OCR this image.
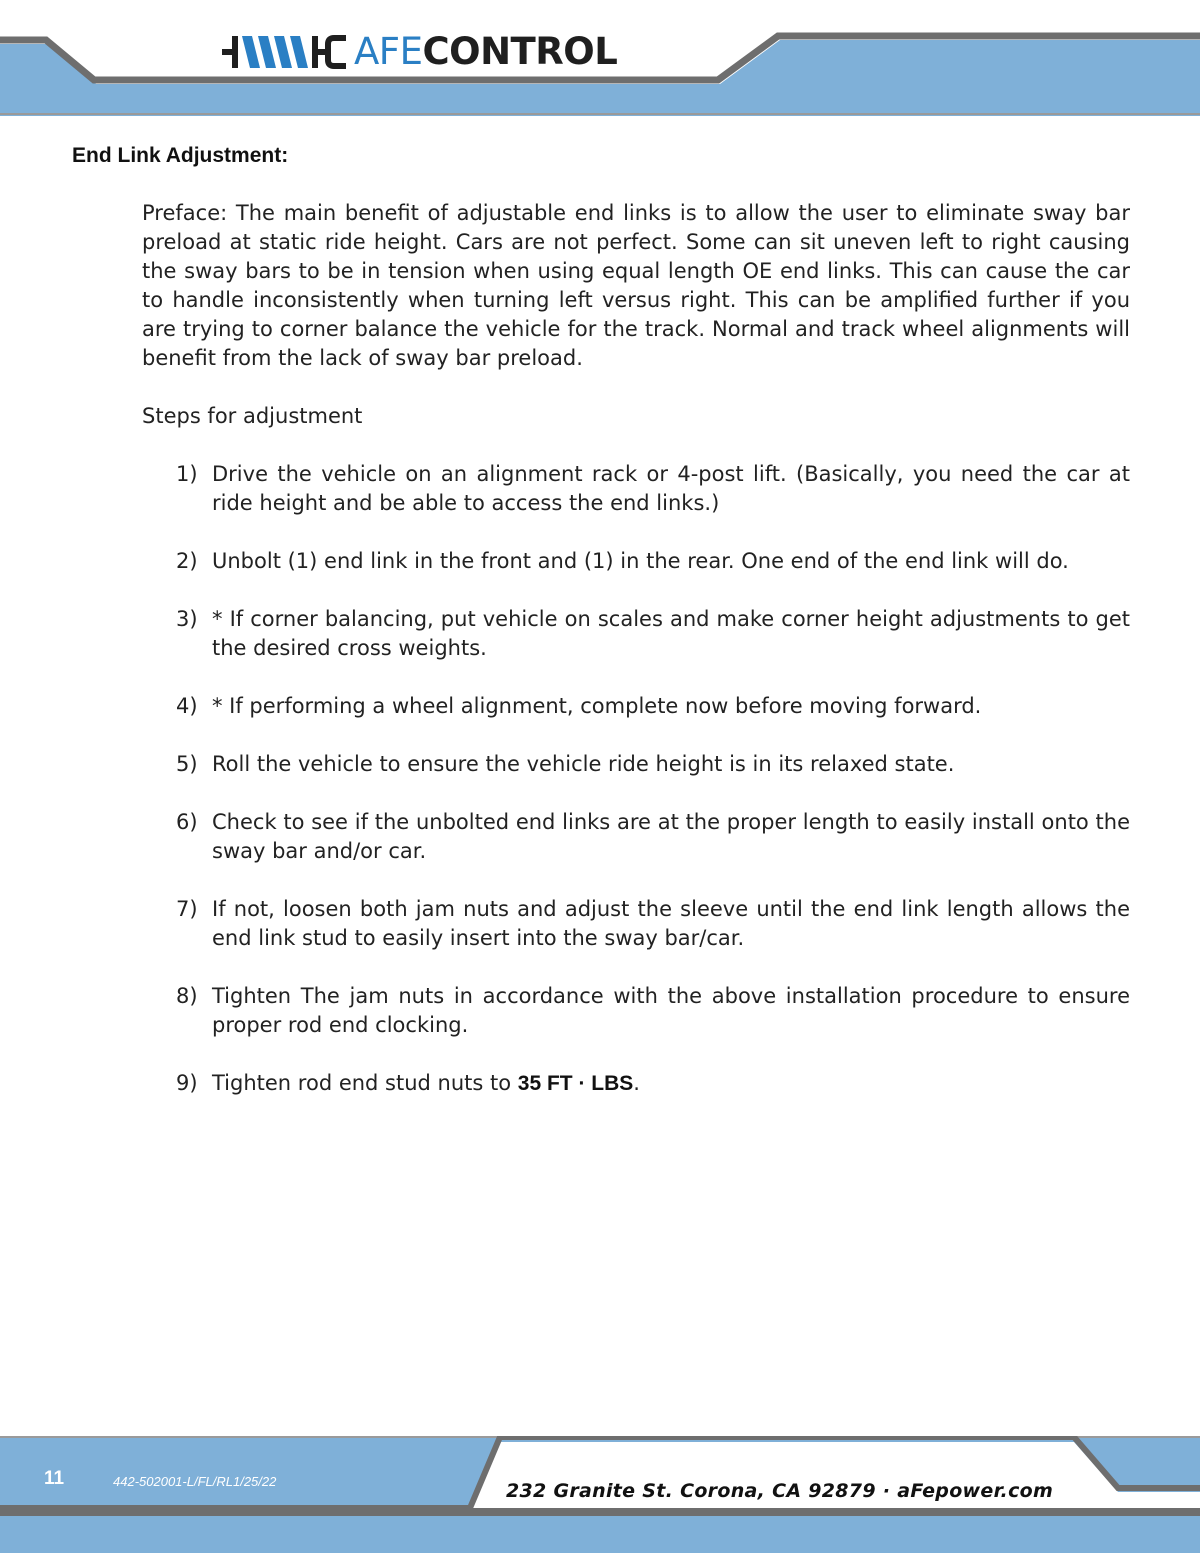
AFECONTROL
End Link Adjustment:
Preface: The main benefit of adjustable end links is to allow the user to eliminate sway bar preload at static ride height. Cars are not perfect. Some can sit uneven left to right causing the sway bars to be in tension when using equal length OE end links. This can cause the car to handle inconsistently when turning left versus right. This can be amplified further if you are trying to corner balance the vehicle for the track. Normal and track wheel alignments will benefit from the lack of sway bar preload.
Steps for adjustment
1) Drive the vehicle on an alignment rack or 4-post lift. (Basically, you need the car at ride height and be able to access the end links.)
2) Unbolt (1) end link in the front and (1) in the rear. One end of the end link will do.
3) * If corner balancing, put vehicle on scales and make corner height adjustments to get the desired cross weights.
4) * If performing a wheel alignment, complete now before moving forward.
5) Roll the vehicle to ensure the vehicle ride height is in its relaxed state.
6) Check to see if the unbolted end links are at the proper length to easily install onto the sway bar and/or car.
7) If not, loosen both jam nuts and adjust the sleeve until the end link length allows the end link stud to easily insert into the sway bar/car.
8) Tighten The jam nuts in accordance with the above installation procedure to ensure proper rod end clocking.
9) Tighten rod end stud nuts to 35 FT · LBS.
11	442-502001-L/FL/RL1/25/22	232 Granite St. Corona, CA 92879 · aFepower.com
